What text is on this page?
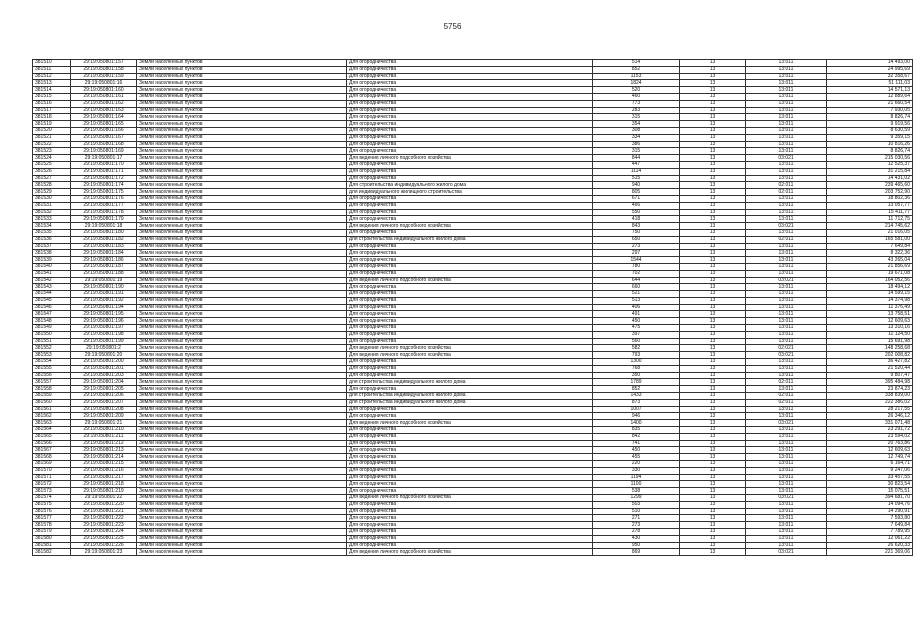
5756
381510	29:19:050801:157	Земли населенных пунктов	Для огородничества	514	13	13:011	14 493,00
381511	29:19:050801:158	Земли населенных пунктов	Для огородничества	852	13	13:011	24 995,69
381512	29:19:050801:159	Земли населенных пунктов	Для огородничества	1153	13	13:011	32 358,67
381513	29:19:050801:16	Земли населенных пунктов	Для огородничества	1824	13	13:011	51 111,03
381514	29:19:050801:160	Земли населенных пунктов	Для огородничества	520	13	13:011	14 571,13
381515	29:19:050801:161	Земли населенных пунктов	Для огородничества	460	13	13:011	12 889,64
381516	29:19:050801:162	Земли населенных пунктов	Для огородничества	773	13	13:011	21 660,54
381517	29:19:050801:163	Земли населенных пунктов	Для огородничества	283	13	13:011	7 930,05
381518	29:19:050801:164	Земли населенных пунктов	Для огородничества	315	13	13:011	8 826,74
381519	29:19:050801:165	Земли населенных пунктов	Для огородничества	354	13	13:011	9 919,56
381520	29:19:050801:166	Земли населенных пунктов	Для огородничества	308	13	13:011	8 630,59
381521	29:19:050801:167	Земли населенных пунктов	Для огородничества	334	13	13:011	9 359,15
381522	29:19:050801:168	Земли населенных пунктов	Для огородничества	386	13	13:011	10 816,26
381523	29:19:050801:169	Земли населенных пунктов	Для огородничества	315	13	13:011	8 826,74
381524	29:19:050801:17	Земли населенных пунктов	Для ведения личного подсобного хозяйства	844	13	03:021	215 030,56
381525	29:19:050801:170	Земли населенных пунктов	Для огородничества	447	13	13:011	12 525,37
381526	29:19:050801:171	Земли населенных пунктов	Для огородничества	1114	13	13:011	31 215,84
381527	29:19:050801:172	Земли населенных пунктов	Для огородничества	515	13	13:011	14 431,02
381528	29:19:050801:174	Земли населенных пунктов	Для строительства индивидуального жилого дома	940	13	02:011	239 465,60
381529	29:19:050801:175	Земли населенных пунктов	для индивидуального жилищного строительства	805	13	02:011	203 752,90
381530	29:19:050801:176	Земли населенных пунктов	Для огородничества	671	13	13:011	18 802,36
381531	29:19:050801:177	Земли населенных пунктов	Для огородничества	466	13	13:011	13 057,77
381532	29:19:050801:178	Земли населенных пунктов	Для огородничества	550	13	13:011	15 411,77
381533	29:19:050801:179	Земли населенных пунктов	Для огородничества	418	13	13:011	11 712,75
381534	29:19:050801:18	Земли населенных пунктов	Для ведения личного подсобного хозяйства	843	13	03:021	214 745,62
381535	29:19:050801:180	Земли населенных пунктов	Для огородничества	750	13	13:011	21 016,05
381536	29:19:050801:182	Земли населенных пунктов	для строительства индивидуального жилого дома	650	13	02:011	165 581,00
381537	29:19:050801:183	Земли населенных пунктов	Для огородничества	273	13	13:011	7 649,84
381538	29:19:050801:184	Земли населенных пунктов	Для огородничества	297	13	13:011	8 322,36
381539	29:19:050801:186	Земли населенных пунктов	Для огородничества	1544	13	13:011	43 265,04
381540	29:19:050801:187	Земли населенных пунктов	Для огородничества	780	13	13:011	21 856,69
381541	29:19:050801:188	Земли населенных пунктов	Для огородничества	702	13	13:011	19 671,08
381542	29:19:050801:19	Земли населенных пунктов	Для ведения личного подсобного хозяйства	644	13	03:021	164 052,56
381543	29:19:050801:190	Земли населенных пунктов	Для огородничества	660	13	13:011	18 494,12
381544	29:19:050801:191	Земли населенных пунктов	Для огородничества	521	13	13:011	14 599,15
381545	29:19:050801:192	Земли населенных пунктов	Для огородничества	513	13	13:011	14 374,98
381546	29:19:050801:194	Земли населенных пунктов	Для огородничества	406	13	13:011	11 376,49
381547	29:19:050801:195	Земли населенных пунктов	Для огородничества	491	13	13:011	13 758,51
381548	29:19:050801:196	Земли населенных пунктов	Для огородничества	450	13	13:011	12 609,63
381549	29:19:050801:197	Земли населенных пунктов	Для огородничества	475	13	13:011	13 310,16
381550	29:19:050801:198	Земли населенных пунктов	Для огородничества	397	13	13:011	11 124,50
381551	29:19:050801:199	Земли населенных пунктов	Для огородничества	560	13	13:011	15 691,98
381552	29:19:050801:2	Земли населенных пунктов	Для ведения личного подсобного хозяйства	582	13	02:021	148 258,68
381553	29:19:050801:20	Земли населенных пунктов	Для ведения личного подсобного хозяйства	793	13	03:021	202 008,82
381554	29:19:050801:200	Земли населенных пунктов	Для огородничества	1300	13	13:011	36 427,82
381555	29:19:050801:201	Земли населенных пунктов	Для огородничества	768	13	13:011	21 520,44
381556	29:19:050801:203	Земли населенных пунктов	Для огородничества	350	13	13:011	9 807,47
381557	29:19:050801:204	Земли населенных пунктов	для строительства индивидуального жилого дома	1789	13	02:011	395 484,98
381558	29:19:050801:205	Земли населенных пунктов	Для огородничества	852	13	13:011	23 874,23
381559	29:19:050801:206	Земли населенных пунктов	для строительства индивидуального жилого дома	1433	13	02:011	338 839,00
381560	29:19:050801:207	Земли населенных пунктов	для строительства индивидуального жилого дома	873	13	02:011	222 386,02
381561	29:19:050801:208	Земли населенных пунктов	Для огородничества	1007	13	13:011	28 217,55
381562	29:19:050801:209	Земли населенных пунктов	Для огородничества	946	13	13:011	26 346,12
381563	29:19:050801:21	Земли населенных пунктов	Для ведения личного подсобного хозяйства	1400	13	03:021	331 071,48
381564	29:19:050801:210	Земли населенных пунктов	Для огородничества	835	13	13:011	23 291,72
381565	29:19:050801:211	Земли населенных пунктов	Для огородничества	842	13	13:011	23 594,02
381566	29:19:050801:212	Земли населенных пунктов	Для огородничества	741	13	13:011	20 763,86
381567	29:19:050801:213	Земли населенных пунктов	Для огородничества	450	13	13:011	12 609,63
381568	29:19:050801:214	Земли населенных пунктов	Для огородничества	455	13	13:011	12 749,74
381569	29:19:050801:215	Земли населенных пунктов	Для огородничества	220	13	13:011	6 164,71
381570	29:19:050801:216	Земли населенных пунктов	Для огородничества	330	13	13:011	9 247,06
381571	29:19:050801:217	Земли населенных пунктов	Для огородничества	1194	13	13:011	33 457,55
381572	29:19:050801:218	Земли населенных пунктов	Для огородничества	1100	13	13:011	30 823,54
381573	29:19:050801:219	Земли населенных пунктов	Для огородничества	538	13	13:011	15 075,51
381574	29:19:050801:22	Земли населенных пунктов	Для ведения личного подсобного хозяйства	1299	13	03:021	394 681,70
381575	29:19:050801:220	Земли населенных пунктов	Для огородничества	503	13	13:011	14 094,76
381576	29:19:050801:221	Земли населенных пунктов	Для огородничества	510	13	13:011	14 290,91
381577	29:19:050801:222	Земли населенных пунктов	Для огородничества	271	13	13:011	7 593,80
381578	29:19:050801:223	Земли населенных пунктов	Для огородничества	273	13	13:011	7 649,84
381579	29:19:050801:224	Земли населенных пунктов	Для огородничества	278	13	13:011	7 789,95
381580	29:19:050801:225	Земли населенных пунктов	Для огородничества	430	13	13:011	12 061,22
381581	29:19:050801:226	Земли населенных пунктов	Для огородничества	950	13	13:011	26 620,33
381582	29:19:050801:23	Земли населенных пунктов	Для ведения личного подсобного хозяйства	869	13	03:021	221 369,06
